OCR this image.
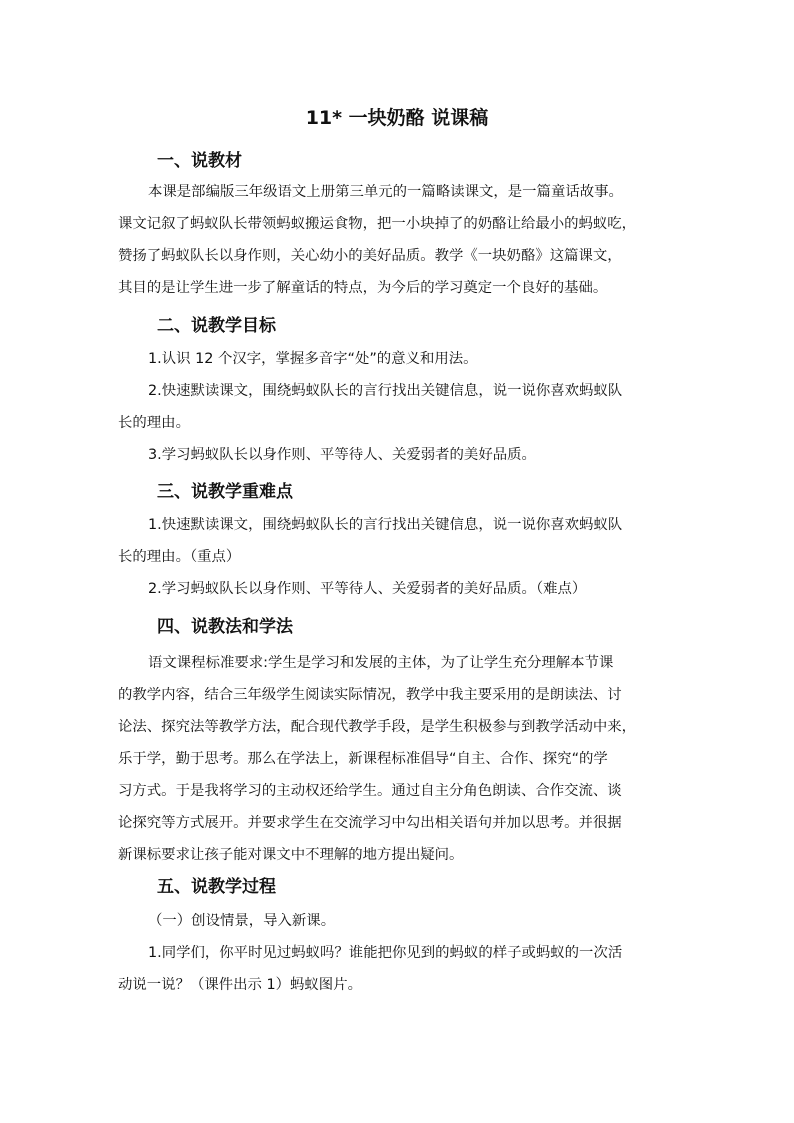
11* 一块奶酪 说课稿
一、说教材
本课是部编版三年级语文上册第三单元的一篇略读课文，是一篇童话故事。
课文记叙了蚂蚁队长带领蚂蚁搬运食物，把一小块掉了的奶酪让给最小的蚂蚁吃，
赞扬了蚂蚁队长以身作则，关心幼小的美好品质。教学《一块奶酪》这篇课文，
其目的是让学生进一步了解童话的特点，为今后的学习奠定一个良好的基础。
二、说教学目标
1.认识 12 个汉字，掌握多音字“处”的意义和用法。
2.快速默读课文，围绕蚂蚁队长的言行找出关键信息，说一说你喜欢蚂蚁队
长的理由。
3.学习蚂蚁队长以身作则、平等待人、关爱弱者的美好品质。
三、说教学重难点
1.快速默读课文，围绕蚂蚁队长的言行找出关键信息，说一说你喜欢蚂蚁队
长的理由。（重点）
2.学习蚂蚁队长以身作则、平等待人、关爱弱者的美好品质。（难点）
四、说教法和学法
语文课程标准要求:学生是学习和发展的主体，为了让学生充分理解本节课
的教学内容，结合三年级学生阅读实际情况，教学中我主要采用的是朗读法、讨
论法、探究法等教学方法，配合现代教学手段，是学生积极参与到教学活动中来，
乐于学，勤于思考。那么在学法上，新课程标准倡导“自主、合作、探究“的学
习方式。于是我将学习的主动权还给学生。通过自主分角色朗读、合作交流、谈
论探究等方式展开。并要求学生在交流学习中勾出相关语句并加以思考。并很据
新课标要求让孩子能对课文中不理解的地方提出疑问。
五、说教学过程
（一）创设情景，导入新课。
1.同学们，你平时见过蚂蚁吗？谁能把你见到的蚂蚁的样子或蚂蚁的一次活
动说一说？（课件出示 1）蚂蚁图片。
